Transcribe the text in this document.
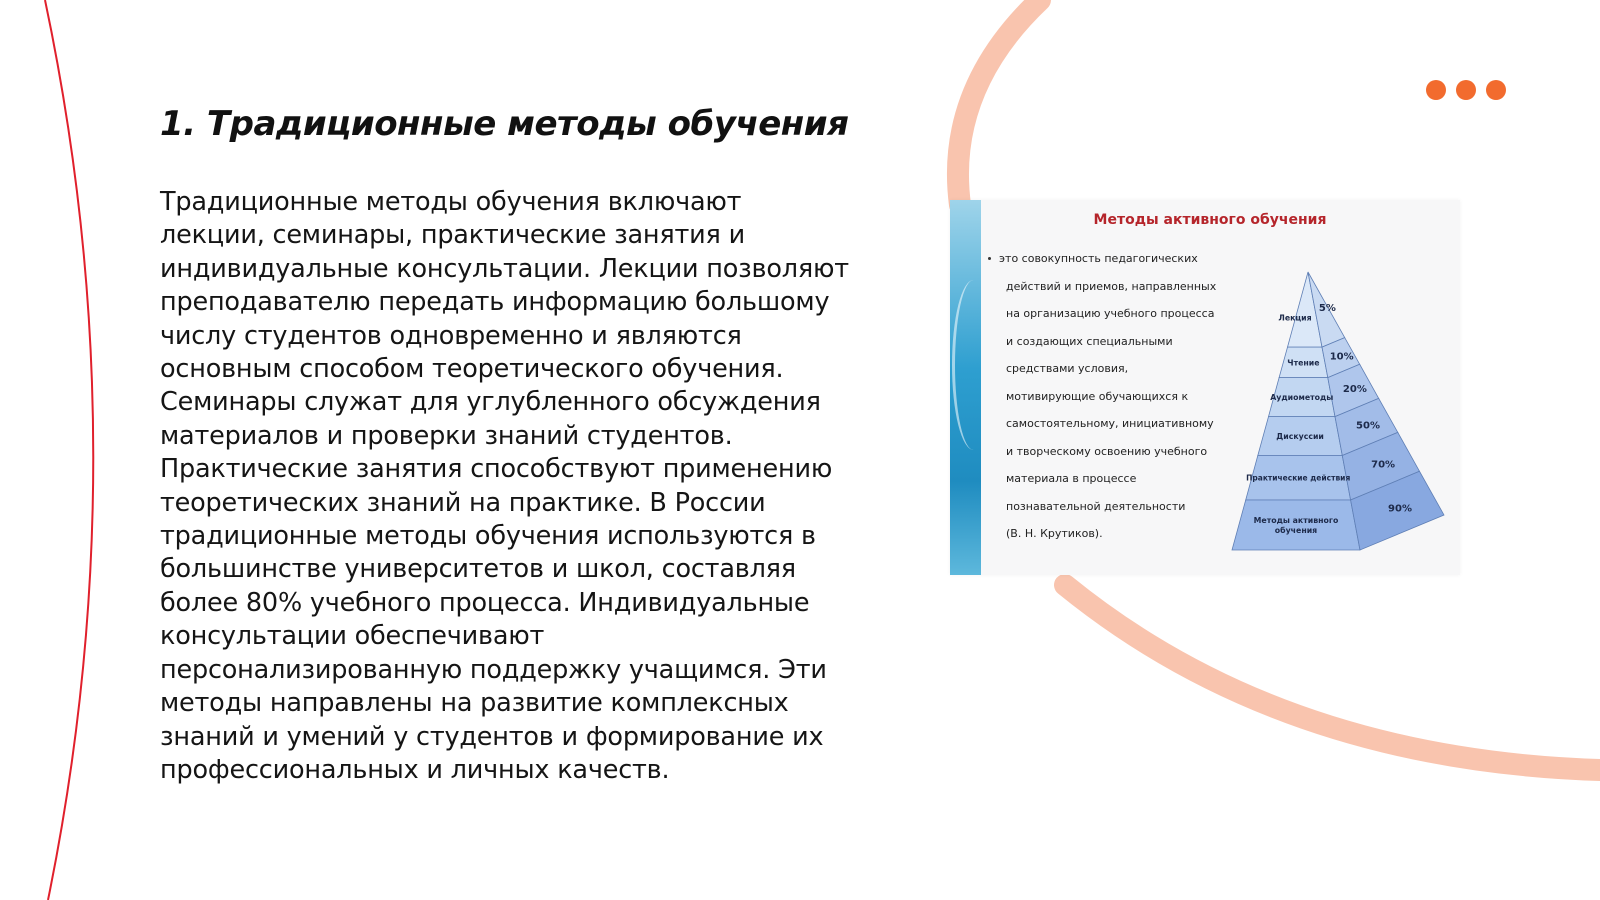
1. Традиционные методы обучения

Традиционные методы обучения включают лекции, семинары, практические занятия и индивидуальные консультации. Лекции позволяют преподавателю передать информацию большому числу студентов одновременно и являются основным способом теоретического обучения. Семинары служат для углубленного обсуждения материалов и проверки знаний студентов. Практические занятия способствуют применению теоретических знаний на практике. В России традиционные методы обучения используются в большинстве университетов и школ, составляя более 80% учебного процесса. Индивидуальные консультации обеспечивают персонализированную поддержку учащимся. Эти методы направлены на развитие комплексных знаний и умений у студентов и формирование их профессиональных и личных качеств.

Методы активного обучения
это совокупность педагогических
действий и приемов, направленных
на организацию учебного процесса
и создающих специальными
средствами условия,
мотивирующие обучающихся к
самостоятельному, инициативному
и творческому освоению учебного
материала в процессе
познавательной деятельности
(В. Н. Крутиков).
Лекция
5%
Чтение
10%
Аудиометоды
20%
Дискуссии
50%
Практические действия
70%
Методы активного
обучения
90%
